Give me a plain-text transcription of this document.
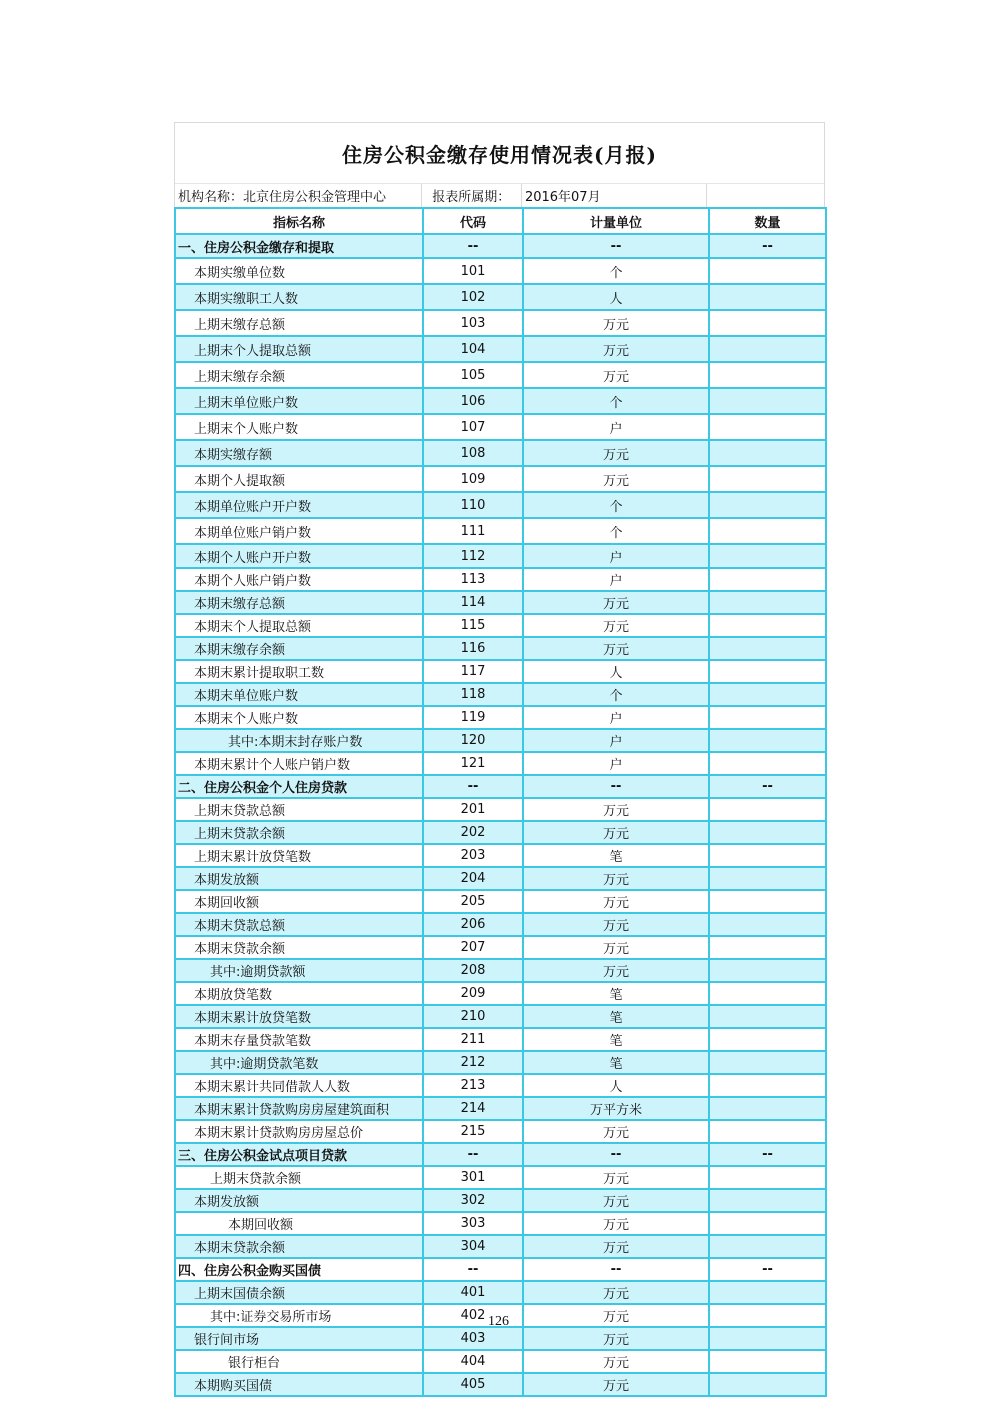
住房公积金缴存使用情况表(月报)
机构名称：北京住房公积金管理中心	报表所属期：	2016年07月
指标名称	代码	计量单位	数量
一、住房公积金缴存和提取	--	--	--
本期实缴单位数	101	个	
本期实缴职工人数	102	人	
上期末缴存总额	103	万元	
上期末个人提取总额	104	万元	
上期末缴存余额	105	万元	
上期末单位账户数	106	个	
上期末个人账户数	107	户	
本期实缴存额	108	万元	
本期个人提取额	109	万元	
本期单位账户开户数	110	个	
本期单位账户销户数	111	个	
本期个人账户开户数	112	户	
本期个人账户销户数	113	户	
本期末缴存总额	114	万元	
本期末个人提取总额	115	万元	
本期末缴存余额	116	万元	
本期末累计提取职工数	117	人	
本期末单位账户数	118	个	
本期末个人账户数	119	户	
其中:本期末封存账户数	120	户	
本期末累计个人账户销户数	121	户	
二、住房公积金个人住房贷款	--	--	--
上期末贷款总额	201	万元	
上期末贷款余额	202	万元	
上期末累计放贷笔数	203	笔	
本期发放额	204	万元	
本期回收额	205	万元	
本期末贷款总额	206	万元	
本期末贷款余额	207	万元	
其中:逾期贷款额	208	万元	
本期放贷笔数	209	笔	
本期末累计放贷笔数	210	笔	
本期末存量贷款笔数	211	笔	
其中:逾期贷款笔数	212	笔	
本期末累计共同借款人人数	213	人	
本期末累计贷款购房房屋建筑面积	214	万平方米	
本期末累计贷款购房房屋总价	215	万元	
三、住房公积金试点项目贷款	--	--	--
上期末贷款余额	301	万元	
本期发放额	302	万元	
本期回收额	303	万元	
本期末贷款余额	304	万元	
四、住房公积金购买国债	--	--	--
上期末国债余额	401	万元	
其中:证券交易所市场	402	万元	
银行间市场	403	万元	
银行柜台	404	万元	
本期购买国债	405	万元	
126
